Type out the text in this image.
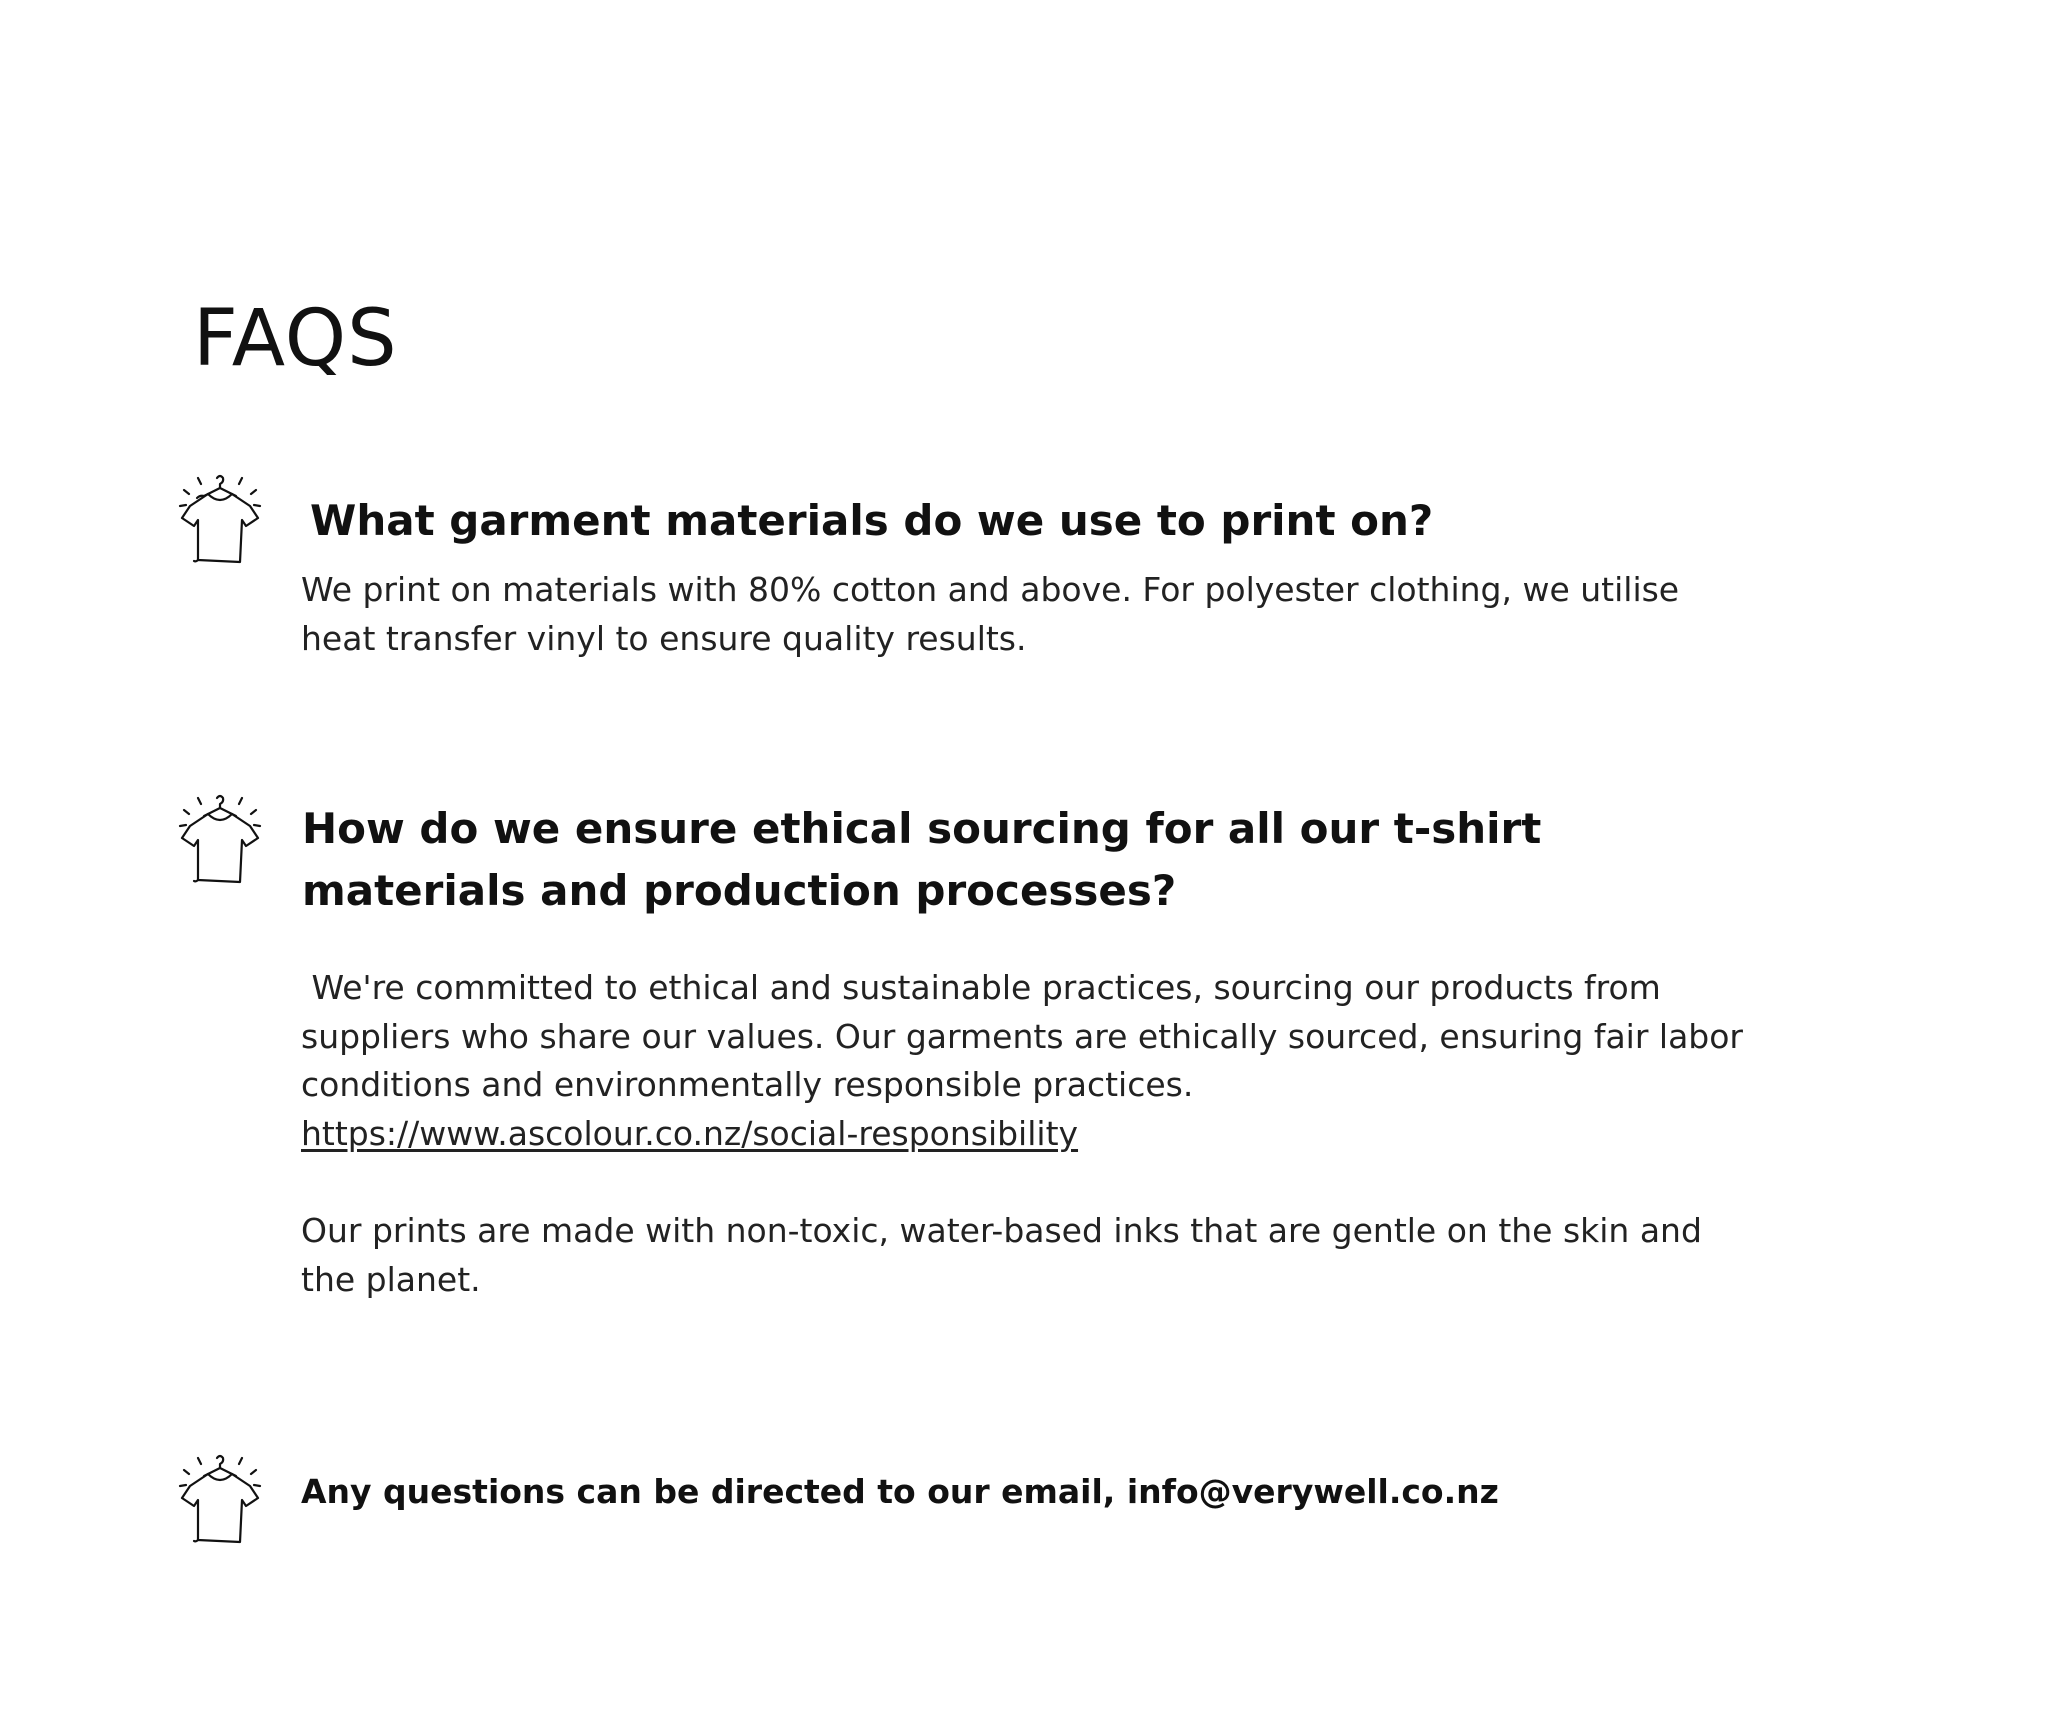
FAQS
What garment materials do we use to print on?

We print on materials with 80% cotton and above. For polyester clothing, we utilise heat transfer vinyl to ensure quality results.

How do we ensure ethical sourcing for all our t-shirt materials and production processes?

We're committed to ethical and sustainable practices, sourcing our products from suppliers who share our values. Our garments are ethically sourced, ensuring fair labor conditions and environmentally responsible practices.

https://www.ascolour.co.nz/social-responsibility

Our prints are made with non-toxic, water-based inks that are gentle on the skin and the planet.

Any questions can be directed to our email, info@verywell.co.nz
